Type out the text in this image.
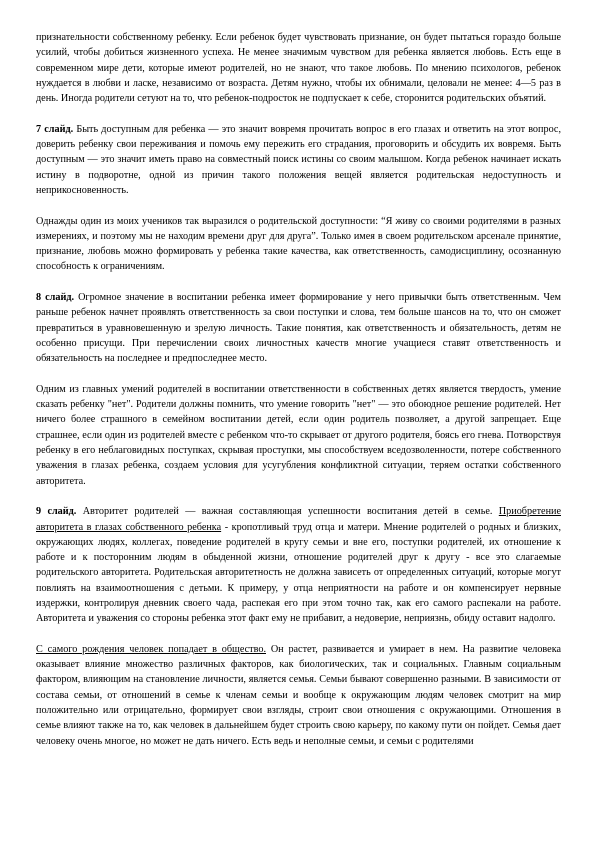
признательности собственному ребенку. Если ребенок будет чувствовать признание, он будет пытаться гораздо больше усилий, чтобы добиться жизненного успеха. Не менее значимым чувством для ребенка является любовь. Есть еще в современном мире дети, которые имеют родителей, но не знают, что такое любовь. По мнению психологов, ребенок нуждается в любви и ласке, независимо от возраста. Детям нужно, чтобы их обнимали, целовали не менее: 4—5 раз в день. Иногда родители сетуют на то, что ребенок-подросток не подпускает к себе, сторонится родительских объятий.

7 слайд. Быть доступным для ребенка — это значит вовремя прочитать вопрос в его глазах и ответить на этот вопрос, доверить ребенку свои переживания и помочь ему пережить его страдания, проговорить и обсудить их вовремя. Быть доступным — это значит иметь право на совместный поиск истины со своим малышом. Когда ребенок начинает искать истину в подворотне, одной из причин такого положения вещей является родительская недоступность и неприкосновенность.

Однажды один из моих учеников так выразился о родительской доступности: “Я живу со своими родителями в разных измерениях, и поэтому мы не находим времени друг для друга”. Только имея в своем родительском арсенале принятие, признание, любовь можно формировать у ребенка такие качества, как ответственность, самодисциплину, осознанную способность к ограничениям.

8 слайд. Огромное значение в воспитании ребенка имеет формирование у него привычки быть ответственным. Чем раньше ребенок начнет проявлять ответственность за свои поступки и слова, тем больше шансов на то, что он сможет превратиться в уравновешенную и зрелую личность. Такие понятия, как ответственность и обязательность, детям не особенно присущи. При перечислении своих личностных качеств многие учащиеся ставят ответственность и обязательность на последнее и предпоследнее место.

Одним из главных умений родителей в воспитании ответственности в собственных детях является твердость, умение сказать ребенку "нет". Родители должны помнить, что умение говорить "нет" — это обоюдное решение родителей. Нет ничего более страшного в семейном воспитании детей, если один родитель позволяет, а другой запрещает. Еще страшнее, если один из родителей вместе с ребенком что-то скрывает от другого родителя, боясь его гнева. Потворствуя ребенку в его неблаговидных поступках, скрывая проступки, мы способствуем вседозволенности, потере собственного уважения в глазах ребенка, создаем условия для усугубления конфликтной ситуации, теряем остатки собственного авторитета.

9 слайд. Авторитет родителей — важная составляющая успешности воспитания детей в семье. Приобретение авторитета в глазах собственного ребенка - кропотливый труд отца и матери. Мнение родителей о родных и близких, окружающих людях, коллегах, поведение родителей в кругу семьи и вне его, поступки родителей, их отношение к работе и к посторонним людям в обыденной жизни, отношение родителей друг к другу - все это слагаемые родительского авторитета. Родительская авторитетность не должна зависеть от определенных ситуаций, которые могут повлиять на взаимоотношения с детьми. К примеру, у отца неприятности на работе и он компенсирует нервные издержки, контролируя дневник своего чада, распекая его при этом точно так, как его самого распекали на работе. Авторитета и уважения со стороны ребенка этот факт ему не прибавит, а недоверие, неприязнь, обиду оставит надолго.

С самого рождения человек попадает в общество. Он растет, развивается и умирает в нем. На развитие человека оказывает влияние множество различных факторов, как биологических, так и социальных. Главным социальным фактором, влияющим на становление личности, является семья. Семьи бывают совершенно разными. В зависимости от состава семьи, от отношений в семье к членам семьи и вообще к окружающим людям человек смотрит на мир положительно или отрицательно, формирует свои взгляды, строит свои отношения с окружающими. Отношения в семье влияют также на то, как человек в дальнейшем будет строить свою карьеру, по какому пути он пойдет. Семья дает человеку очень многое, но может не дать ничего. Есть ведь и неполные семьи, и семьи с родителями
